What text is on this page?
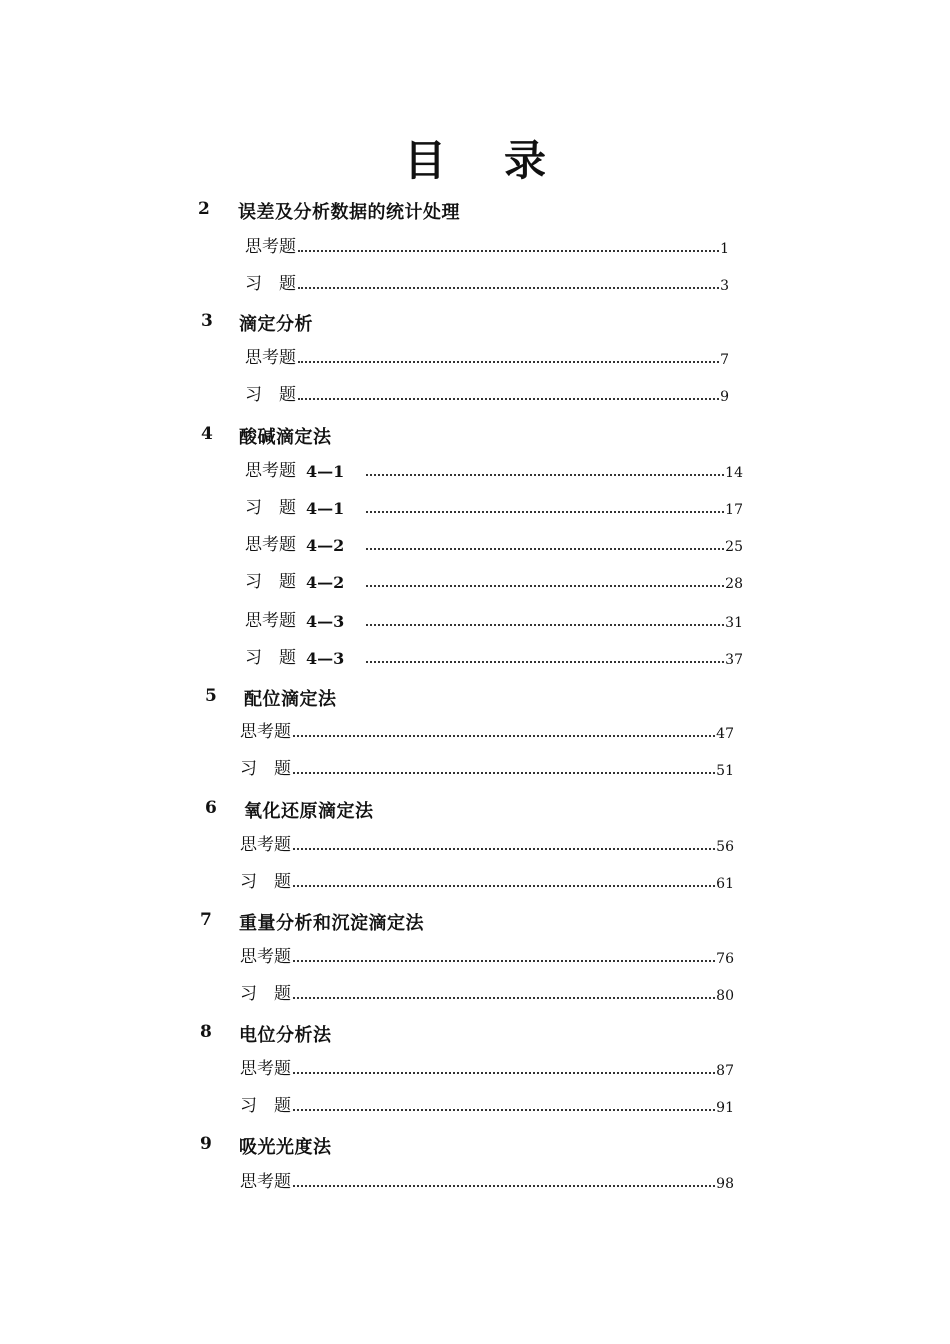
目 录
2 误差及分析数据的统计处理
思考题	1
习　题	3
3 滴定分析
思考题	7
习　题	9
4 酸碱滴定法
思考题 4—1	14
习　题 4—1	17
思考题 4—2	25
习　题 4—2	28
思考题 4—3	31
习　题 4—3	37
5 配位滴定法
思考题	47
习　题	51
6 氧化还原滴定法
思考题	56
习　题	61
7 重量分析和沉淀滴定法
思考题	76
习　题	80
8 电位分析法
思考题	87
习　题	91
9 吸光光度法
思考题	98
